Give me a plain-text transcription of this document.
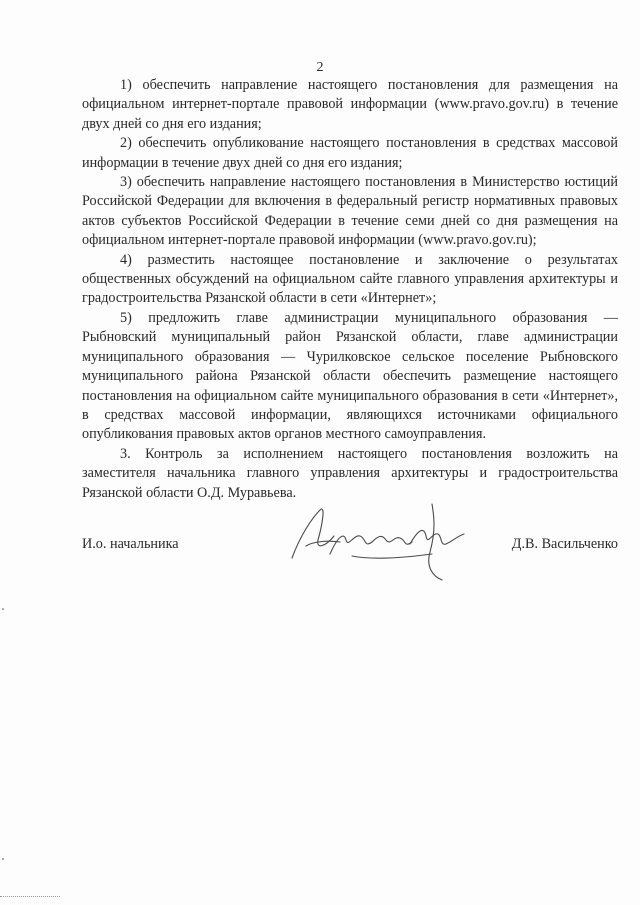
2

1) обеспечить направление настоящего постановления для размещения на официальном интернет-портале правовой информации (www.pravo.gov.ru) в течение двух дней со дня его издания;

2) обеспечить опубликование настоящего постановления в средствах массовой информации в течение двух дней со дня его издания;

3) обеспечить направление настоящего постановления в Министерство юстиций Российской Федерации для включения в федеральный регистр нормативных правовых актов субъектов Российской Федерации в течение семи дней со дня размещения на официальном интернет-портале правовой информации (www.pravo.gov.ru);

4) разместить настоящее постановление и заключение о результатах общественных обсуждений на официальном сайте главного управления архитектуры и градостроительства Рязанской области в сети «Интернет»;

5) предложить главе администрации муниципального образования — Рыбновский муниципальный район Рязанской области, главе администрации муниципального образования — Чурилковское сельское поселение Рыбновского муниципального района Рязанской области обеспечить размещение настоящего постановления на официальном сайте муниципального образования в сети «Интернет», в средствах массовой информации, являющихся источниками официального опубликования правовых актов органов местного самоуправления.

3. Контроль за исполнением настоящего постановления возложить на заместителя начальника главного управления архитектуры и градостроительства Рязанской области О.Д. Муравьева.

И.о. начальника	Д.В. Васильченко
